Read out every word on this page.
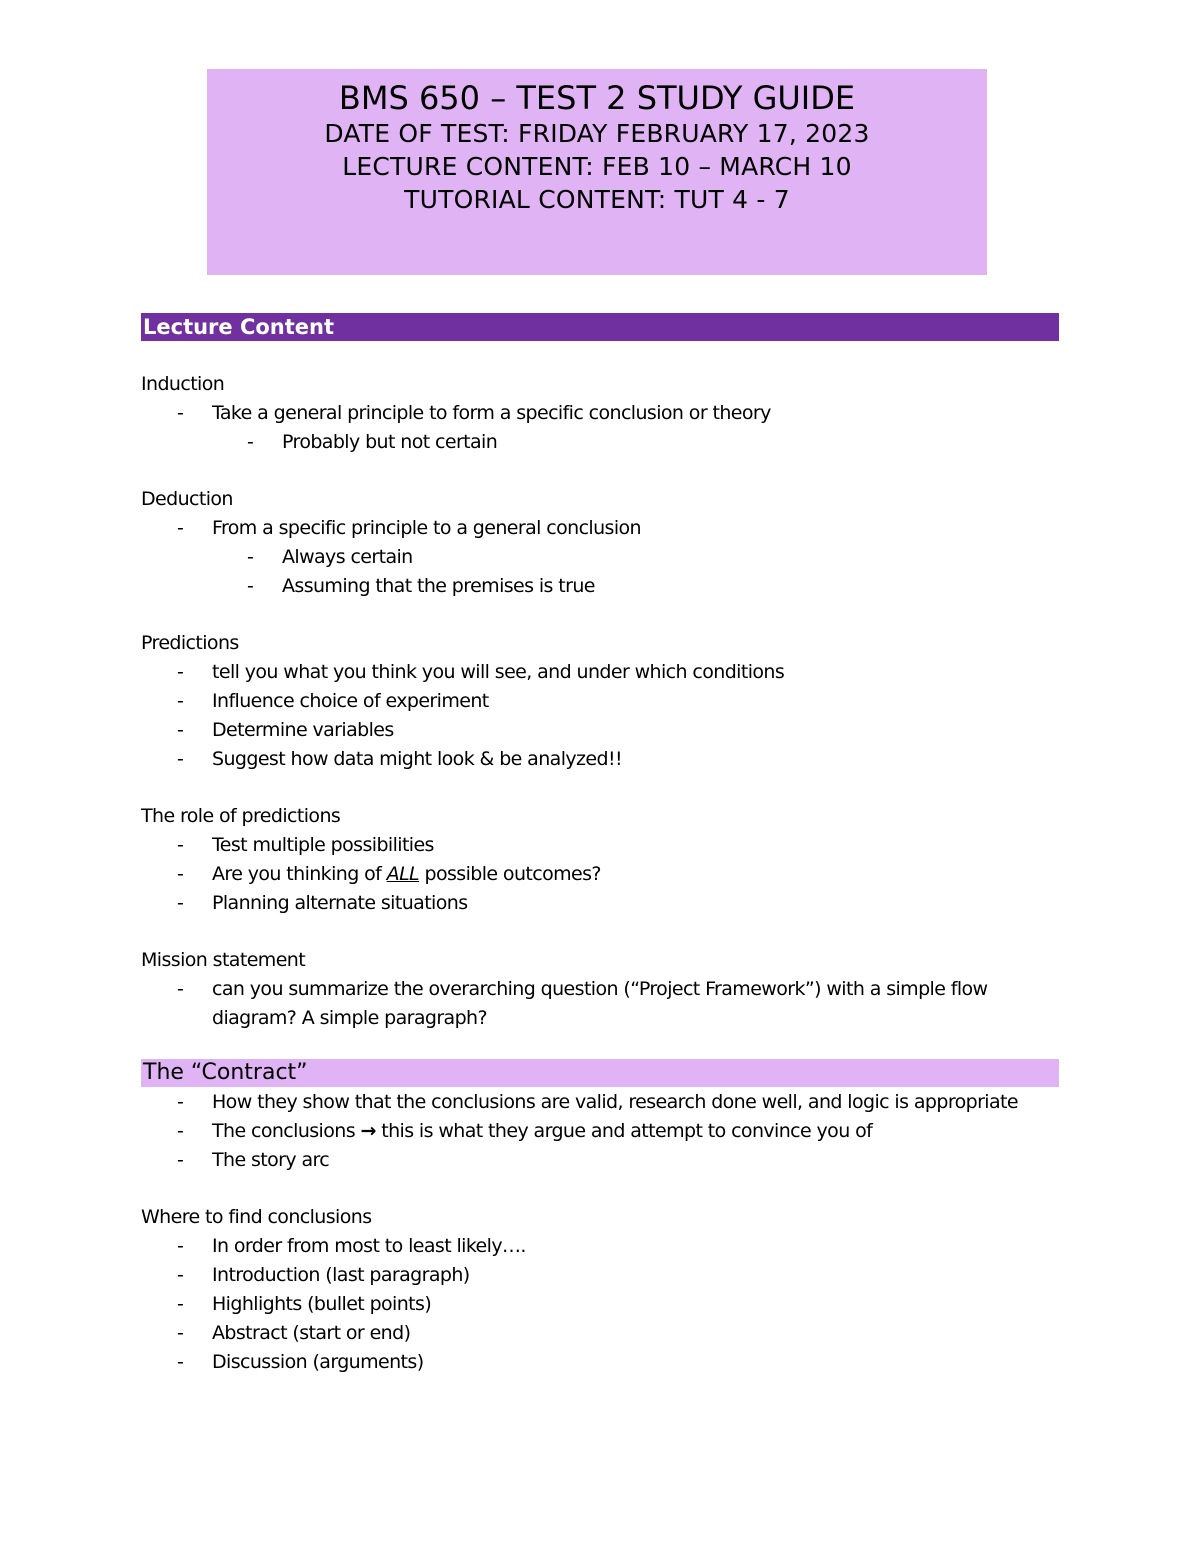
BMS 650 – TEST 2 STUDY GUIDE
DATE OF TEST: FRIDAY FEBRUARY 17, 2023
LECTURE CONTENT: FEB 10 – MARCH 10
TUTORIAL CONTENT: TUT 4 - 7
Lecture Content

Induction

- Take a general principle to form a specific conclusion or theory
- Probably but not certain

Deduction

- From a specific principle to a general conclusion
- Always certain
- Assuming that the premises is true

Predictions

- tell you what you think you will see, and under which conditions
- Influence choice of experiment
- Determine variables
- Suggest how data might look & be analyzed!!

The role of predictions

- Test multiple possibilities
- Are you thinking of ALL possible outcomes?
- Planning alternate situations

Mission statement

- can you summarize the overarching question (“Project Framework”) with a simple flow diagram? A simple paragraph?
The “Contract”
- How they show that the conclusions are valid, research done well, and logic is appropriate
- The conclusions → this is what they argue and attempt to convince you of
- The story arc

Where to find conclusions

- In order from most to least likely….
- Introduction (last paragraph)
- Highlights (bullet points)
- Abstract (start or end)
- Discussion (arguments)
